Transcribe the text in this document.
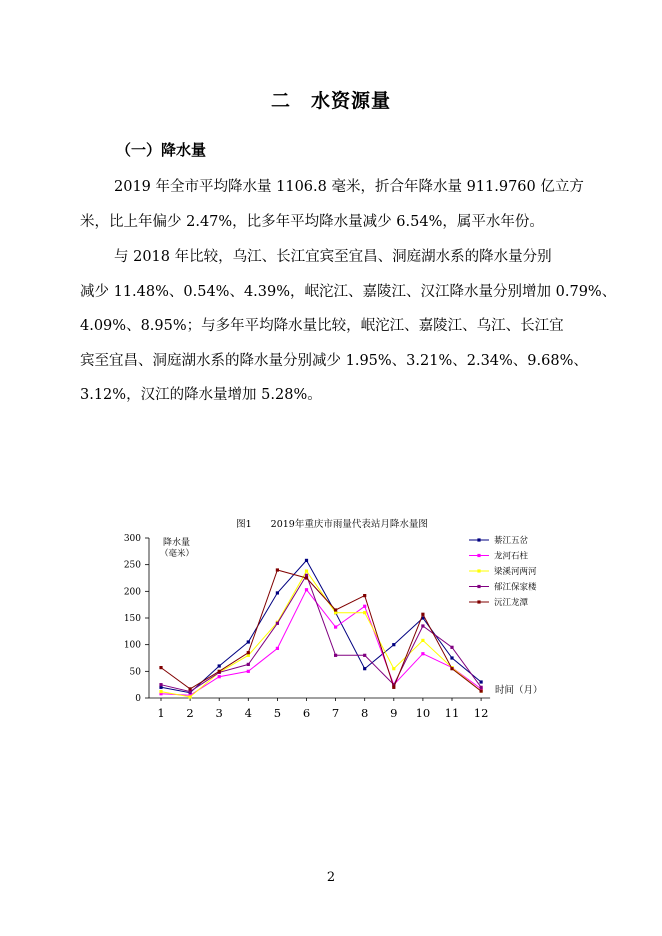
二　水资源量
（一）降水量
2019 年全市平均降水量 1106.8 毫米，折合年降水量 911.9760 亿立方
米，比上年偏少 2.47%，比多年平均降水量减少 6.54%，属平水年份。
与 2018 年比较，乌江、长江宜宾至宜昌、洞庭湖水系的降水量分别
减少 11.48%、0.54%、4.39%，岷沱江、嘉陵江、汉江降水量分别增加 0.79%、
4.09%、8.95%；与多年平均降水量比较，岷沱江、嘉陵江、乌江、长江宜
宾至宜昌、洞庭湖水系的降水量分别减少 1.95%、3.21%、2.34%、9.68%、
3.12%，汉江的降水量增加 5.28%。
图1　　2019年重庆市雨量代表站月降水量图
0
50
100
150
200
250
300
1 2 3 4 5 6 7 8 9 10 11 12
降水量
（毫米）
时间（月）
綦江五岔
龙河石柱
梁溪河两河
郁江保家楼
沅江龙潭
2
